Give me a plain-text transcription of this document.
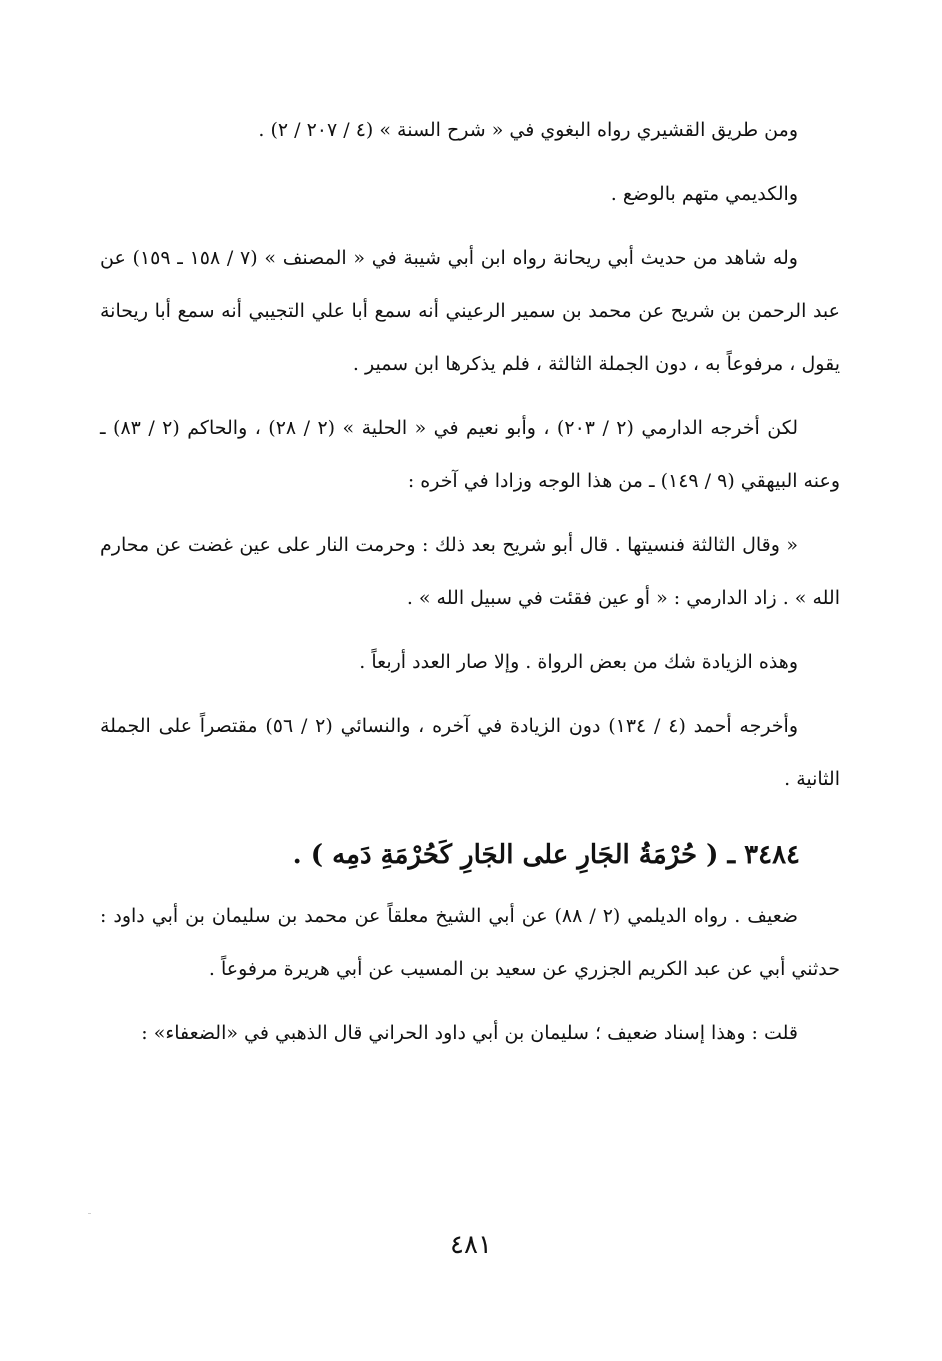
ومن طريق القشيري رواه البغوي في « شرح السنة » (٤ / ٢٠٧ / ٢) .

والكديمي متهم بالوضع .

وله شاهد من حديث أبي ريحانة رواه ابن أبي شيبة في « المصنف » (٧ / ١٥٨ ـ ١٥٩) عن عبد الرحمن بن شريح عن محمد بن سمير الرعيني أنه سمع أبا علي التجيبي أنه سمع أبا ريحانة يقول ، مرفوعاً به ، دون الجملة الثالثة ، فلم يذكرها ابن سمير .

لكن أخرجه الدارمي (٢ / ٢٠٣) ، وأبو نعيم في « الحلية » (٢ / ٢٨) ، والحاكم (٢ / ٨٣) ـ وعنه البيهقي (٩ / ١٤٩) ـ من هذا الوجه وزادا في آخره :

« وقال الثالثة فنسيتها . قال أبو شريح بعد ذلك : وحرمت النار على عين غضت عن محارم الله » . زاد الدارمي : « أو عين فقئت في سبيل الله » .

وهذه الزيادة شك من بعض الرواة . وإلا صار العدد أربعاً .

وأخرجه أحمد (٤ / ١٣٤) دون الزيادة في آخره ، والنسائي (٢ / ٥٦) مقتصراً على الجملة الثانية .

٣٤٨٤ ـ ( حُرْمَةُ الجَارِ على الجَارِ كَحُرْمَةِ دَمِه ) .

ضعيف . رواه الديلمي (٢ / ٨٨) عن أبي الشيخ معلقاً عن محمد بن سليمان بن أبي داود : حدثني أبي عن عبد الكريم الجزري عن سعيد بن المسيب عن أبي هريرة مرفوعاً .

قلت : وهذا إسناد ضعيف ؛ سليمان بن أبي داود الحراني قال الذهبي في «الضعفاء» :

٤٨١
